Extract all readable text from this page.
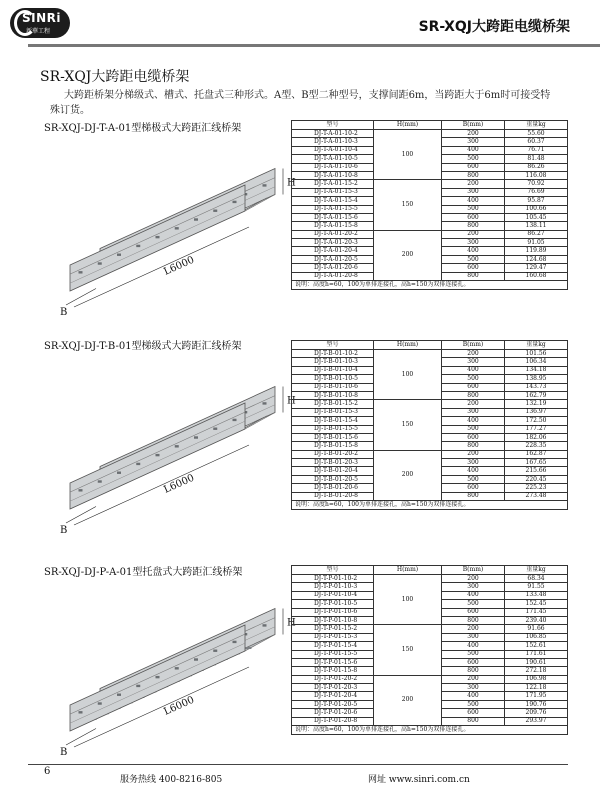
SINRi
新華工程	SR-XQJ大跨距电缆桥架
SR-XQJ大跨距电缆桥架
大跨距桥架分梯级式、槽式、托盘式三种形式。A型、B型二种型号，支撑间距6m，当跨距大于6m时可接受特殊订货。
SR-XQJ-DJ-T-A-01型梯极式大跨距汇线桥架
L6000
B
H
型号	H(mm)	B(mm)	重量kg
DJ-T-A-01-10-2	100	200	55.60
DJ-T-A-01-10-3		300	60.37
DJ-T-A-01-10-4		400	76.71
DJ-T-A-01-10-5		500	81.48
DJ-T-A-01-10-6		600	86.26
DJ-T-A-01-10-8		800	116.08
DJ-T-A-01-15-2	150	200	70.92
DJ-T-A-01-15-3		300	76.69
DJ-T-A-01-15-4		400	95.87
DJ-T-A-01-15-5		500	100.66
DJ-T-A-01-15-6		600	105.45
DJ-T-A-01-15-8		800	138.11
DJ-T-A-01-20-2	200	200	86.27
DJ-T-A-01-20-3		300	91.05
DJ-T-A-01-20-4		400	119.89
DJ-T-A-01-20-5		500	124.68
DJ-T-A-01-20-6		600	129.47
DJ-T-A-01-20-8		800	160.68
说明：高度h=60，100为单排连接孔，高h=150为双排连接孔。			
SR-XQJ-DJ-T-B-01型梯级式大跨距汇线桥架
L6000
B
H
型号	H(mm)	B(mm)	重量kg
DJ-T-B-01-10-2	100	200	101.56
DJ-T-B-01-10-3		300	106.34
DJ-T-B-01-10-4		400	134.18
DJ-T-B-01-10-5		500	138.95
DJ-T-B-01-10-6		600	143.73
DJ-T-B-01-10-8		800	162.79
DJ-T-B-01-15-2	150	200	132.19
DJ-T-B-01-15-3		300	136.97
DJ-T-B-01-15-4		400	172.50
DJ-T-B-01-15-5		500	177.27
DJ-T-B-01-15-6		600	182.06
DJ-T-B-01-15-8		800	228.35
DJ-T-B-01-20-2	200	200	162.87
DJ-T-B-01-20-3		300	167.65
DJ-T-B-01-20-4		400	215.66
DJ-T-B-01-20-5		500	220.45
DJ-T-B-01-20-6		600	225.23
DJ-T-B-01-20-8		800	273.48
说明：高度h=60，100为单排连接孔，高h=150为双排连接孔。			
SR-XQJ-DJ-P-A-01型托盘式大跨距汇线桥架
L6000
B
H
型号	H(mm)	B(mm)	重量kg
DJ-T-P-01-10-2	100	200	68.34
DJ-T-P-01-10-3		300	91.55
DJ-T-P-01-10-4		400	133.48
DJ-T-P-01-10-5		500	152.45
DJ-T-P-01-10-6		600	171.45
DJ-T-P-01-10-8		800	239.40
DJ-T-P-01-15-2	150	200	91.66
DJ-T-P-01-15-3		300	106.85
DJ-T-P-01-15-4		400	152.61
DJ-T-P-01-15-5		500	171.61
DJ-T-P-01-15-6		600	190.61
DJ-T-P-01-15-8		800	272.18
DJ-T-P-01-20-2	200	200	106.98
DJ-T-P-01-20-3		300	122.18
DJ-T-P-01-20-4		400	171.95
DJ-T-P-01-20-5		500	190.76
DJ-T-P-01-20-6		600	209.76
DJ-T-P-01-20-8		800	293.97
说明：高度h=60，100为单排连接孔，高h=150为双排连接孔。			
6
服务热线 400-8216-805	网址 www.sinri.com.cn
